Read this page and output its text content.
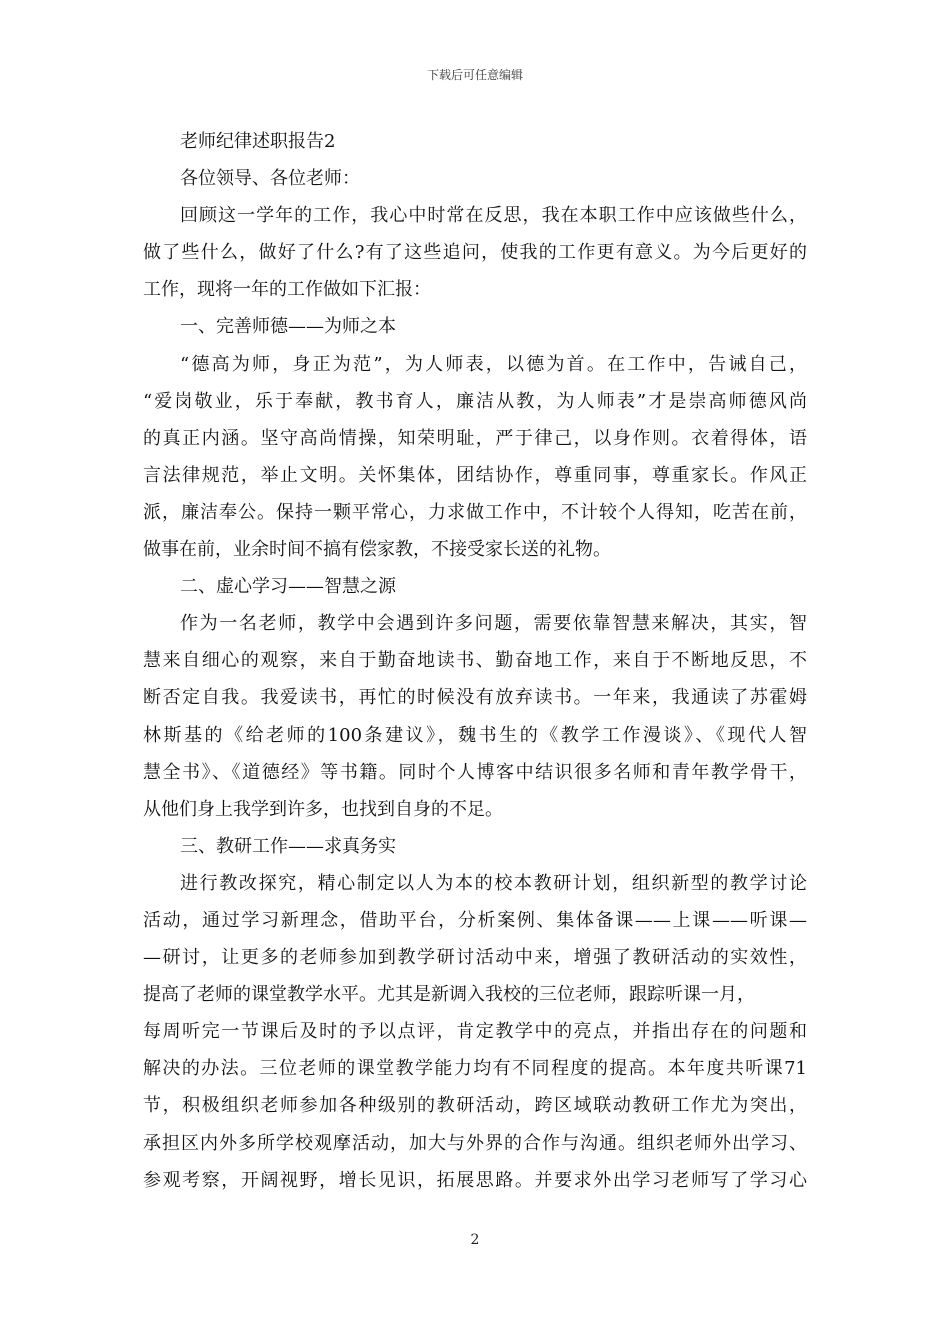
下载后可任意编辑
老师纪律述职报告2
各位领导、各位老师：
回顾这一学年的工作，我心中时常在反思，我在本职工作中应该做些什么，
做了些什么，做好了什么?有了这些追问，使我的工作更有意义。为今后更好的
工作，现将一年的工作做如下汇报：
一、完善师德——为师之本
“德高为师，身正为范”，为人师表，以德为首。在工作中，告诫自己，
“爱岗敬业，乐于奉献，教书育人，廉洁从教，为人师表”才是崇高师德风尚
的真正内涵。坚守高尚情操，知荣明耻，严于律己，以身作则。衣着得体，语
言法律规范，举止文明。关怀集体，团结协作，尊重同事，尊重家长。作风正
派，廉洁奉公。保持一颗平常心，力求做工作中，不计较个人得知，吃苦在前，
做事在前，业余时间不搞有偿家教，不接受家长送的礼物。
二、虚心学习——智慧之源
作为一名老师，教学中会遇到许多问题，需要依靠智慧来解决，其实，智
慧来自细心的观察，来自于勤奋地读书、勤奋地工作，来自于不断地反思，不
断否定自我。我爱读书，再忙的时候没有放弃读书。一年来，我通读了苏霍姆
林斯基的《给老师的100条建议》，魏书生的《教学工作漫谈》、《现代人智
慧全书》、《道德经》等书籍。同时个人博客中结识很多名师和青年教学骨干，
从他们身上我学到许多，也找到自身的不足。
三、教研工作——求真务实
进行教改探究，精心制定以人为本的校本教研计划，组织新型的教学讨论
活动，通过学习新理念，借助平台，分析案例、集体备课——上课——听课—
—研讨，让更多的老师参加到教学研讨活动中来，增强了教研活动的实效性，
提高了老师的课堂教学水平。尤其是新调入我校的三位老师，跟踪听课一月，
每周听完一节课后及时的予以点评，肯定教学中的亮点，并指出存在的问题和
解决的办法。三位老师的课堂教学能力均有不同程度的提高。本年度共听课71
节，积极组织老师参加各种级别的教研活动，跨区域联动教研工作尤为突出，
承担区内外多所学校观摩活动，加大与外界的合作与沟通。组织老师外出学习、
参观考察，开阔视野，增长见识，拓展思路。并要求外出学习老师写了学习心
2
